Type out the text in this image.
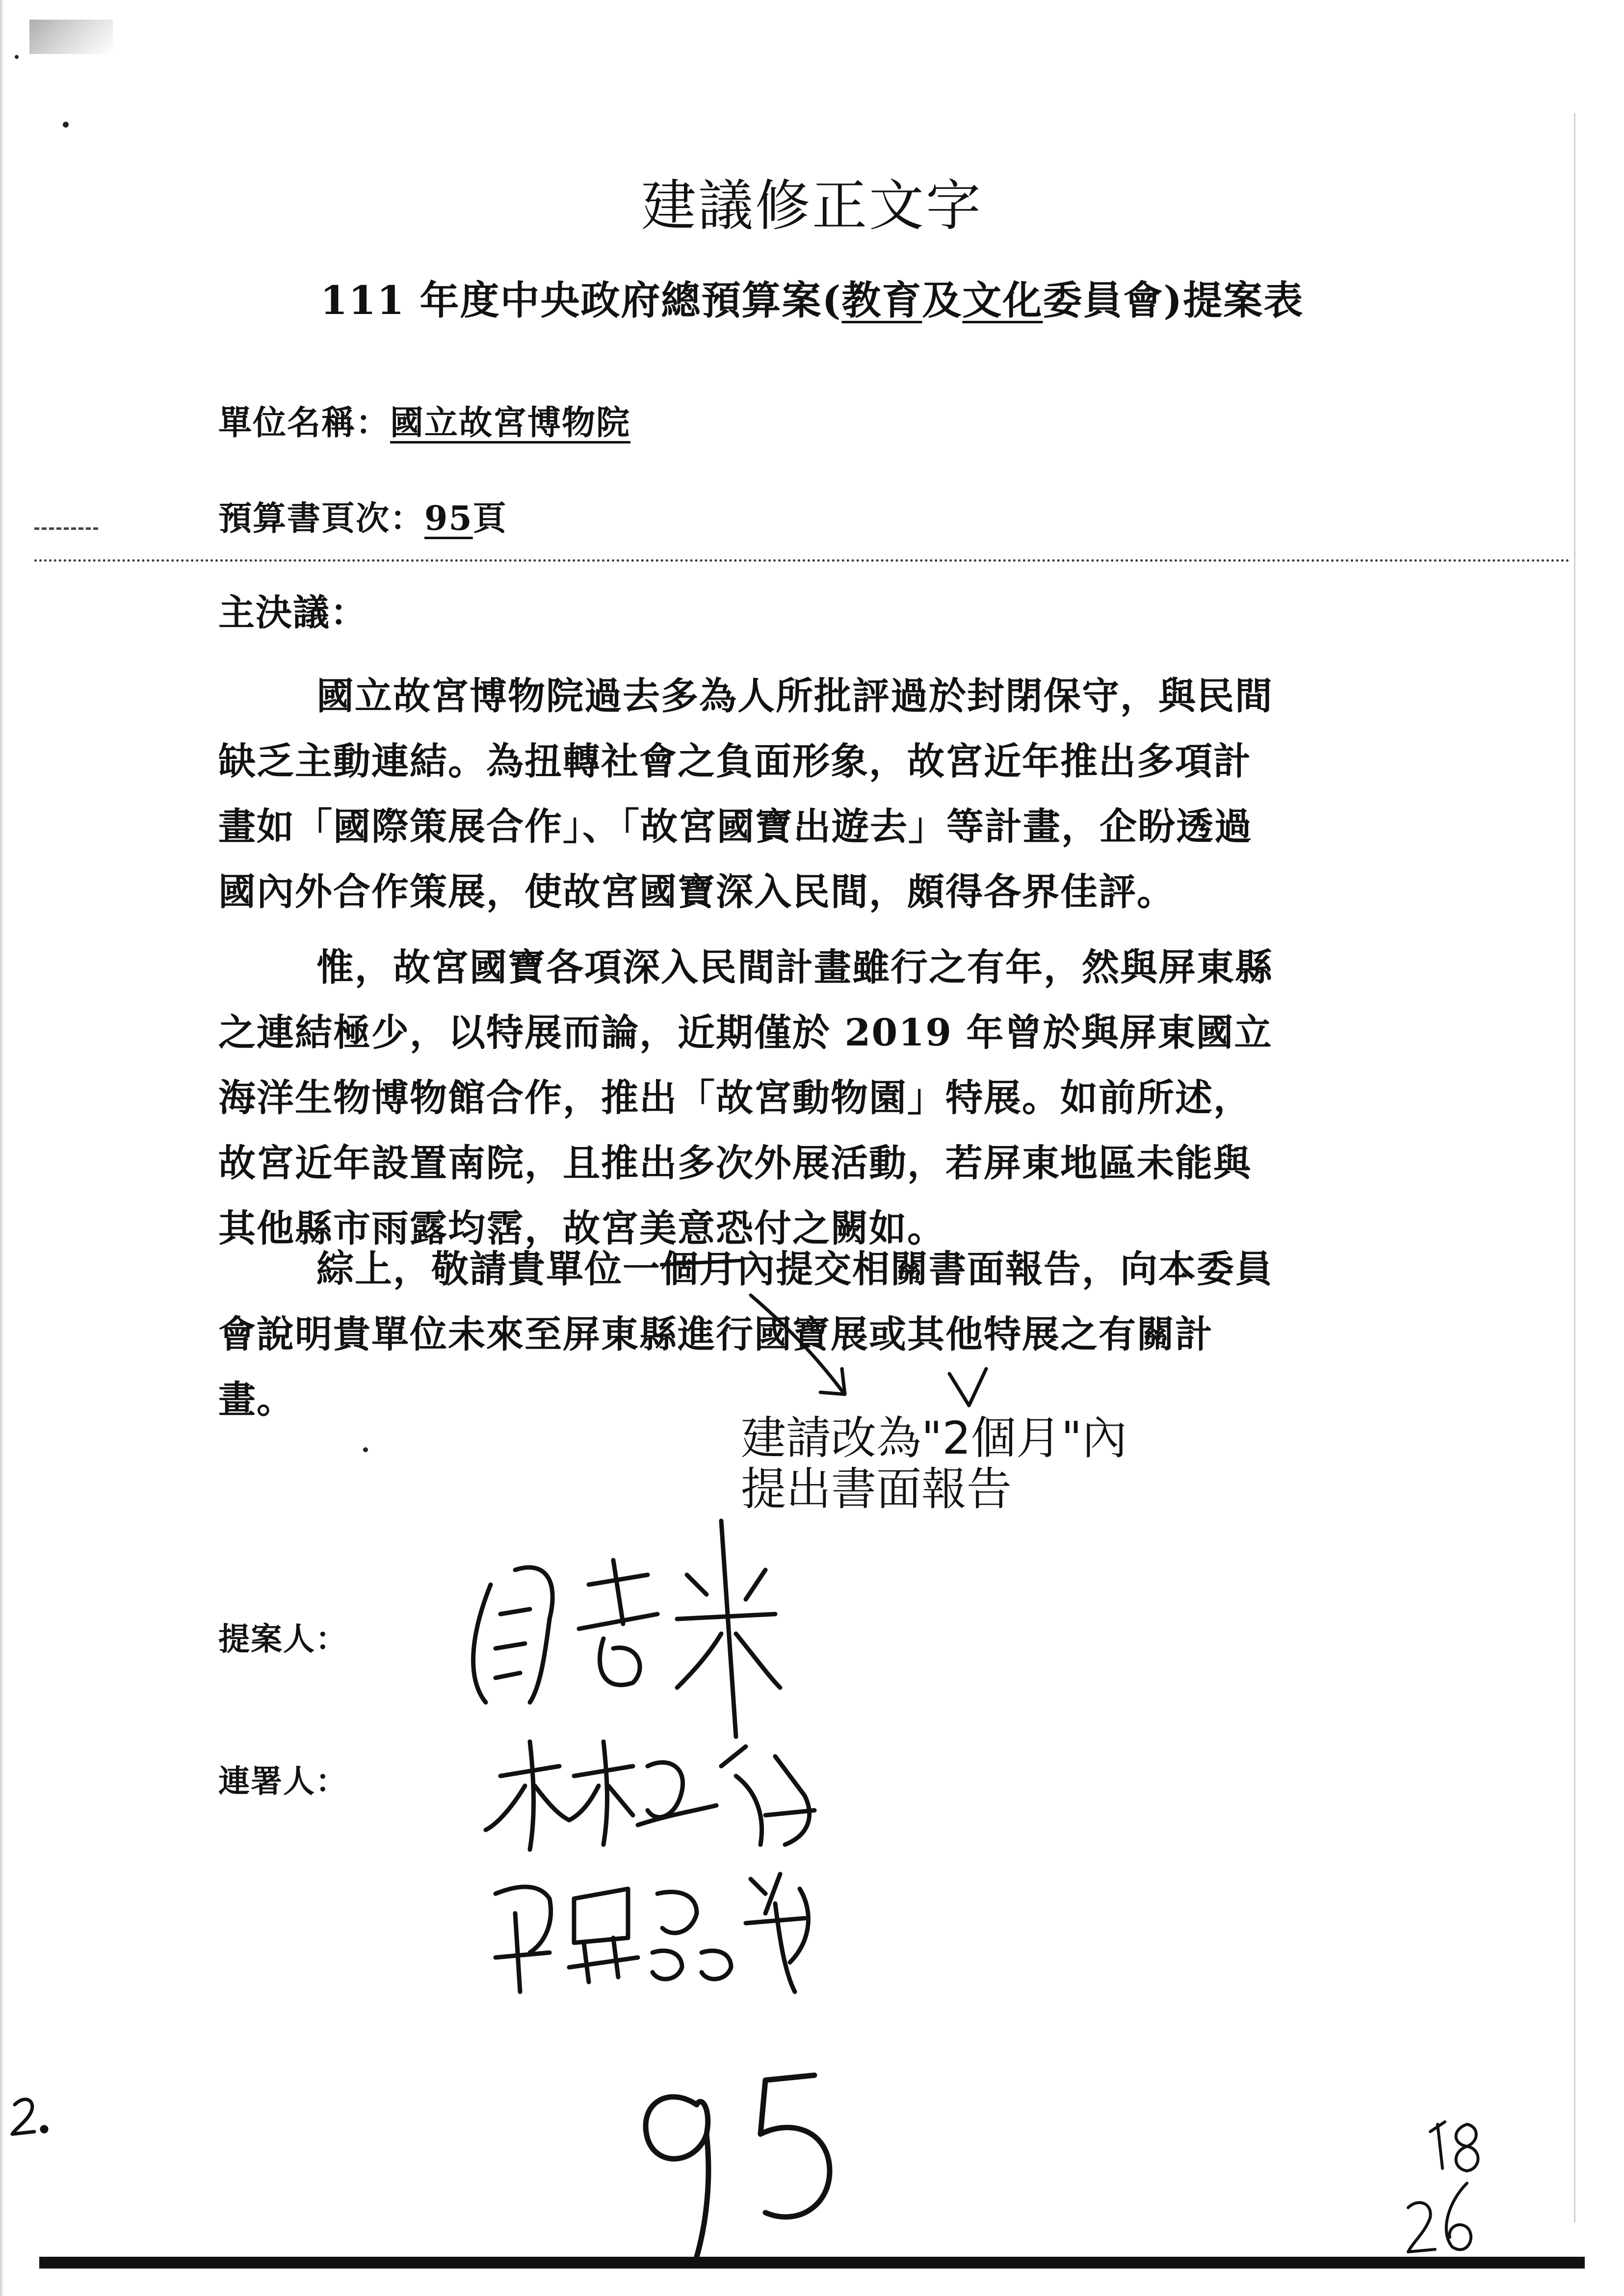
建議修正文字
111 年度中央政府總預算案(教育及文化委員會)提案表
單位名稱：國立故宮博物院
預算書頁次：95頁
主決議：
國立故宮博物院過去多為人所批評過於封閉保守，與民間
缺乏主動連結。為扭轉社會之負面形象，故宮近年推出多項計
畫如「國際策展合作」、「故宮國寶出遊去」等計畫，企盼透過
國內外合作策展，使故宮國寶深入民間，頗得各界佳評。
惟，故宮國寶各項深入民間計畫雖行之有年，然與屏東縣
之連結極少，以特展而論，近期僅於 2019 年曾於與屏東國立
海洋生物博物館合作，推出「故宮動物園」特展。如前所述，
故宮近年設置南院，且推出多次外展活動，若屏東地區未能與
其他縣市雨露均霑，故宮美意恐付之闕如。
綜上，敬請貴單位一個月內提交相關書面報告，向本委員
會說明貴單位未來至屏東縣進行國寶展或其他特展之有關計
畫。
建請改為"2個月"內
提出書面報告
提案人：
連署人：
